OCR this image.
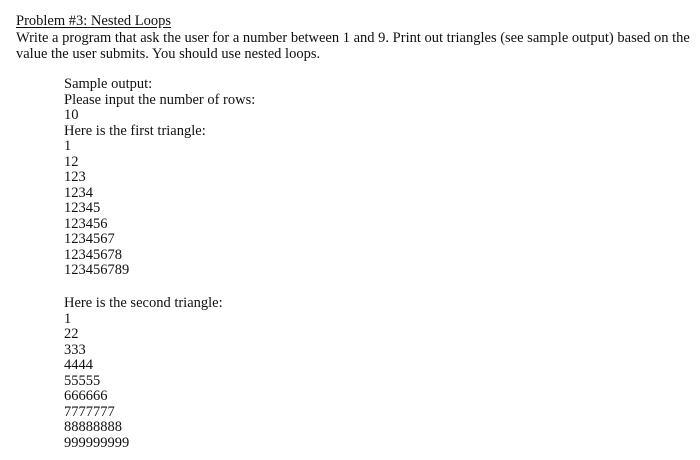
Problem #3: Nested Loops
Write a program that ask the user for a number between 1 and 9. Print out triangles (see sample output) based on the
value the user submits. You should use nested loops.
Sample output:
Please input the number of rows:
10
Here is the first triangle:
1
12
123
1234
12345
123456
1234567
12345678
123456789
Here is the second triangle:
1
22
333
4444
55555
666666
7777777
88888888
999999999
